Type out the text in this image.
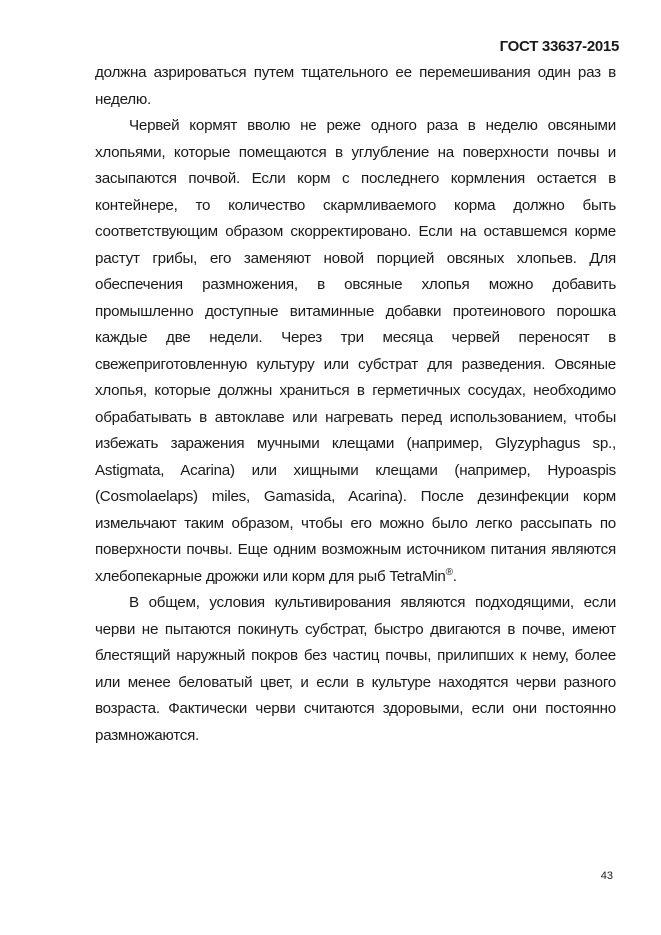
ГОСТ 33637-2015

должна азрироваться путем тщательного ее перемешивания один раз в неделю.

Червей кормят вволю не реже одного раза в неделю овсяными хлопьями, которые помещаются в углубление на поверхности почвы и засыпаются почвой. Если корм с последнего кормления остается в контейнере, то количество скармливаемого корма должно быть соответствующим образом скорректировано. Если на оставшемся корме растут грибы, его заменяют новой порцией овсяных хлопьев. Для обеспечения размножения, в овсяные хлопья можно добавить промышленно доступные витаминные добавки протеинового порошка каждые две недели. Через три месяца червей переносят в свежеприготовленную культуру или субстрат для разведения. Овсяные хлопья, которые должны храниться в герметичных сосудах, необходимо обрабатывать в автоклаве или нагревать перед использованием, чтобы избежать заражения мучными клещами (например, Glyzyphagus sp., Astigmata, Acarina) или хищными клещами (например, Hypoaspis (Cosmolaelaps) miles, Gamasida, Acarina). После дезинфекции корм измельчают таким образом, чтобы его можно было легко рассыпать по поверхности почвы. Еще одним возможным источником питания являются хлебопекарные дрожжи или корм для рыб TetraMin®.

В общем, условия культивирования являются подходящими, если черви не пытаются покинуть субстрат, быстро двигаются в почве, имеют блестящий наружный покров без частиц почвы, прилипших к нему, более или менее беловатый цвет, и если в культуре находятся черви разного возраста. Фактически черви считаются здоровыми, если они постоянно размножаются.

43
